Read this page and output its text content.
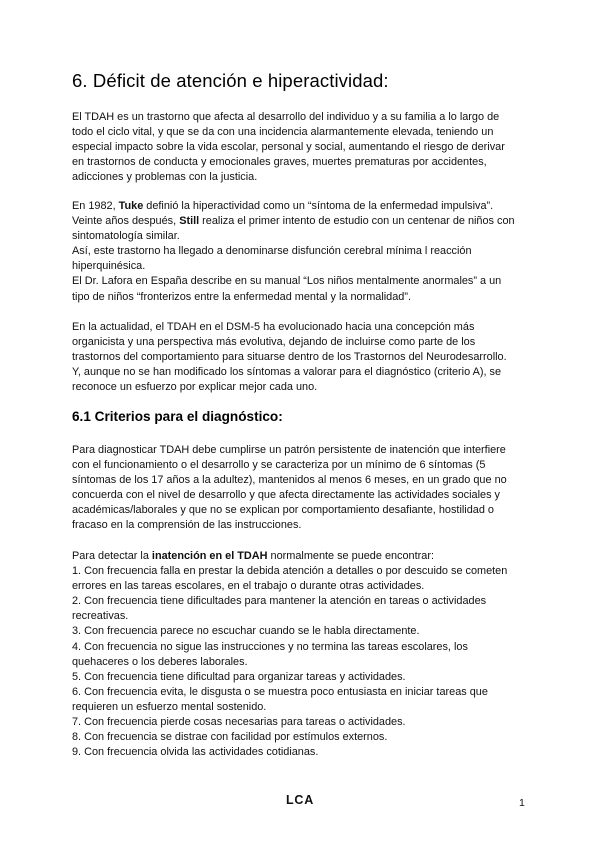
6. Déficit de atención e hiperactividad:
El TDAH es un trastorno que afecta al desarrollo del individuo y a su familia a lo largo de
todo el ciclo vital, y que se da con una incidencia alarmantemente elevada, teniendo un
especial impacto sobre la vida escolar, personal y social, aumentando el riesgo de derivar
en trastornos de conducta y emocionales graves, muertes prematuras por accidentes,
adicciones y problemas con la justicia.
En 1982, Tuke definió la hiperactividad como un “síntoma de la enfermedad impulsiva”.
Veinte años después, Still realiza el primer intento de estudio con un centenar de niños con
sintomatología similar.
Así, este trastorno ha llegado a denominarse disfunción cerebral mínima l reacción
hiperquinésica.
El Dr. Lafora en España describe en su manual “Los niños mentalmente anormales” a un
tipo de niños “fronterizos entre la enfermedad mental y la normalidad”.
En la actualidad, el TDAH en el DSM-5 ha evolucionado hacia una concepción más
organicista y una perspectiva más evolutiva, dejando de incluirse como parte de los
trastornos del comportamiento para situarse dentro de los Trastornos del Neurodesarrollo.
Y, aunque no se han modificado los síntomas a valorar para el diagnóstico (criterio A), se
reconoce un esfuerzo por explicar mejor cada uno.
6.1 Criterios para el diagnóstico:
Para diagnosticar TDAH debe cumplirse un patrón persistente de inatención que interfiere
con el funcionamiento o el desarrollo y se caracteriza por un mínimo de 6 síntomas (5
síntomas de los 17 años a la adultez), mantenidos al menos 6 meses, en un grado que no
concuerda con el nivel de desarrollo y que afecta directamente las actividades sociales y
académicas/laborales y que no se explican por comportamiento desafiante, hostilidad o
fracaso en la comprensión de las instrucciones.
Para detectar la inatención en el TDAH normalmente se puede encontrar:
1. Con frecuencia falla en prestar la debida atención a detalles o por descuido se cometen
errores en las tareas escolares, en el trabajo o durante otras actividades.
2. Con frecuencia tiene dificultades para mantener la atención en tareas o actividades
recreativas.
3. Con frecuencia parece no escuchar cuando se le habla directamente.
4. Con frecuencia no sigue las instrucciones y no termina las tareas escolares, los
quehaceres o los deberes laborales.
5. Con frecuencia tiene dificultad para organizar tareas y actividades.
6. Con frecuencia evita, le disgusta o se muestra poco entusiasta en iniciar tareas que
requieren un esfuerzo mental sostenido.
7. Con frecuencia pierde cosas necesarias para tareas o actividades.
8. Con frecuencia se distrae con facilidad por estímulos externos.
9. Con frecuencia olvida las actividades cotidianas.
LCA	1
